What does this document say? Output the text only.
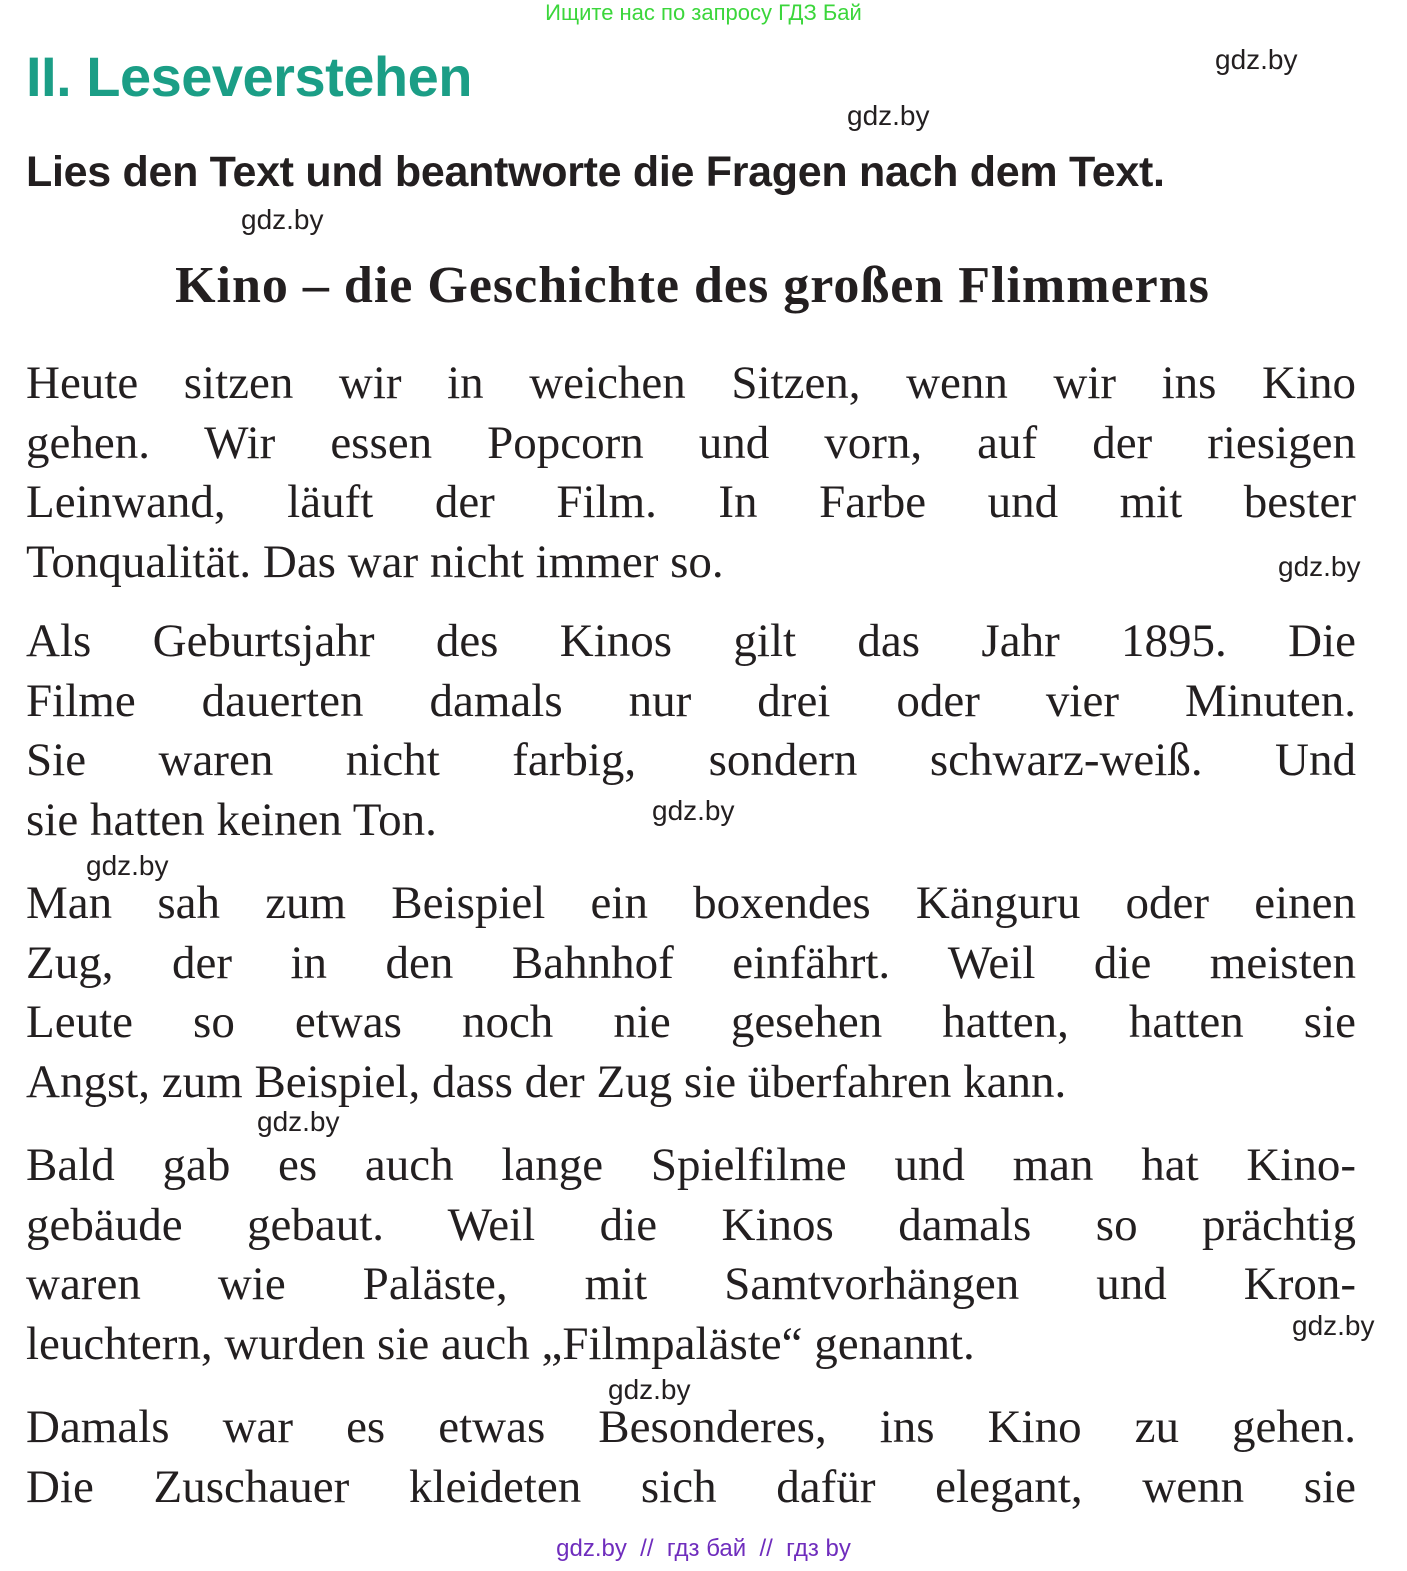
Ищите нас по запросу ГДЗ Бай
II. Leseverstehen	gdz.by
gdz.by
Lies den Text und beantworte die Fragen nach dem Text.
gdz.by
Kino – die Geschichte des großen Flimmerns
Heute sitzen wir in weichen Sitzen, wenn wir ins Kino
gehen. Wir essen Popcorn und vorn, auf der riesigen
Leinwand, läuft der Film. In Farbe und mit bester
Tonqualität. Das war nicht immer so.	gdz.by
Als Geburtsjahr des Kinos gilt das Jahr 1895. Die
Filme dauerten damals nur drei oder vier Minuten.
Sie waren nicht farbig, sondern schwarz-weiß. Und
sie hatten keinen Ton.	gdz.by
gdz.by
Man sah zum Beispiel ein boxendes Känguru oder einen
Zug, der in den Bahnhof einfährt. Weil die meisten
Leute so etwas noch nie gesehen hatten, hatten sie
Angst, zum Beispiel, dass der Zug sie überfahren kann.
gdz.by
Bald gab es auch lange Spielfilme und man hat Kino-
gebäude gebaut. Weil die Kinos damals so prächtig
waren wie Paläste, mit Samtvorhängen und Kron-
leuchtern, wurden sie auch „Filmpaläste“ genannt.	gdz.by
gdz.by
Damals war es etwas Besonderes, ins Kino zu gehen.
Die Zuschauer kleideten sich dafür elegant, wenn sie
gdz.by  //  гдз бай  //  гдз by
